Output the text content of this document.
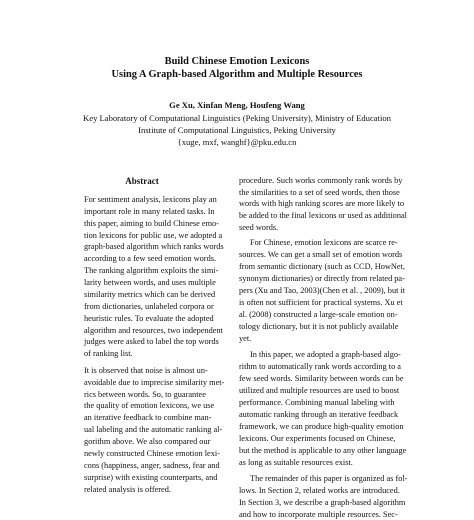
Build Chinese Emotion Lexicons
Using A Graph-based Algorithm and Multiple Resources
Ge Xu, Xinfan Meng, Houfeng Wang
Key Laboratory of Computational Linguistics (Peking University), Ministry of Education
Institute of Computational Linguistics, Peking University
{xuge, mxf, wanghf}@pku.edu.cn
Abstract
For sentiment analysis, lexicons play an
important role in many related tasks. In
this paper, aiming to build Chinese emo-
tion lexicons for public use, we adopted a
graph-based algorithm which ranks words
according to a few seed emotion words.
The ranking algorithm exploits the simi-
larity between words, and uses multiple
similarity metrics which can be derived
from dictionaries, unlabeled corpora or
heuristic rules. To evaluate the adopted
algorithm and resources, two independent
judges were asked to label the top words
of ranking list.
It is observed that noise is almost un-
avoidable due to imprecise similarity met-
rics between words. So, to guarantee
the quality of emotion lexicons, we use
an iterative feedback to combine man-
ual labeling and the automatic ranking al-
gorithm above. We also compared our
newly constructed Chinese emotion lexi-
cons (happiness, anger, sadness, fear and
surprise) with existing counterparts, and
related analysis is offered.
procedure. Such works commonly rank words by
the similarities to a set of seed words, then those
words with high ranking scores are more likely to
be added to the final lexicons or used as additional
seed words.
For Chinese, emotion lexicons are scarce re-
sources. We can get a small set of emotion words
from semantic dictionary (such as CCD, HowNet,
synonym dictionaries) or directly from related pa-
pers (Xu and Tao, 2003)(Chen et al. , 2009), but it
is often not sufficient for practical systems. Xu et
al. (2008) constructed a large-scale emotion on-
tology dictionary, but it is not publicly available
yet.
In this paper, we adopted a graph-based algo-
rithm to automatically rank words according to a
few seed words. Similarity between words can be
utilized and multiple resources are used to boost
performance. Combining manual labeling with
automatic ranking through an iterative feedback
framework, we can produce high-quality emotion
lexicons. Our experiments focused on Chinese,
but the method is applicable to any other language
as long as suitable resources exist.
The remainder of this paper is organized as fol-
lows. In Section 2, related works are introduced.
In Section 3, we describe a graph-based algorithm
and how to incorporate multiple resources. Sec-
